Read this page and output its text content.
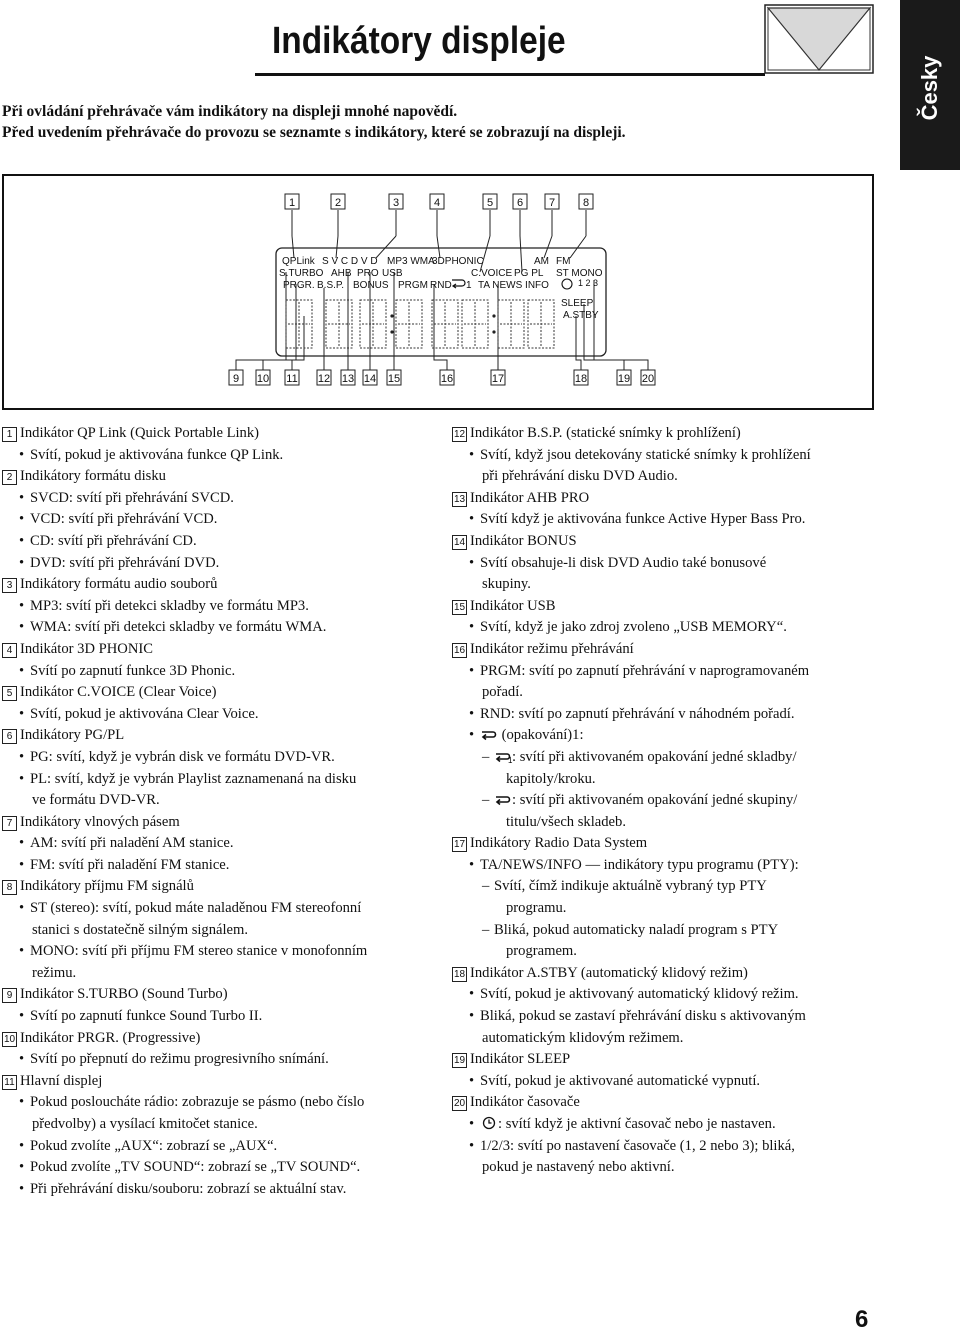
Indikátory displeje
Česky
Při ovládání přehrávače vám indikátory na displeji mnohé napovědí.
Před uvedením přehrávače do provozu se seznamte s indikátory, které se zobrazují na displeji.
1	2	3	4	5 6 7	8
9 10 11 12 13 14 15	16	17	18	19 20
QPLink S V C D V D MP3 WMA
3DPHONIC	AM FM
S.TURBO AHB PRO USB	C.VOICE PG PL ST MONO
PRGR. B.S.P. BONUS PRGM RND 1 TA NEWS INFO	1 2 3
SLEEP
A.STBY
1 Indikátor QP Link (Quick Portable Link)
• Svítí, pokud je aktivována funkce QP Link.
2 Indikátory formátu disku
• SVCD: svítí při přehrávání SVCD.
• VCD: svítí při přehrávání VCD.
• CD: svítí při přehrávání CD.
• DVD: svítí při přehrávání DVD.
3 Indikátory formátu audio souborů
• MP3: svítí při detekci skladby ve formátu MP3.
• WMA: svítí při detekci skladby ve formátu WMA.
4 Indikátor 3D PHONIC
• Svítí po zapnutí funkce 3D Phonic.
5 Indikátor C.VOICE (Clear Voice)
• Svítí, pokud je aktivována Clear Voice.
6 Indikátory PG/PL
• PG: svítí, když je vybrán disk ve formátu DVD-VR.
• PL: svítí, když je vybrán Playlist zaznamenaná na disku
ve formátu DVD-VR.
7 Indikátory vlnových pásem
• AM: svítí při naladění AM stanice.
• FM: svítí při naladění FM stanice.
8 Indikátory příjmu FM signálů
• ST (stereo): svítí, pokud máte naladěnou FM stereofonní
stanici s dostatečně silným signálem.
• MONO: svítí při příjmu FM stereo stanice v monofonním
režimu.
9 Indikátor S.TURBO (Sound Turbo)
• Svítí po zapnutí funkce Sound Turbo II.
10 Indikátor PRGR. (Progressive)
• Svítí po přepnutí do režimu progresivního snímání.
11 Hlavní displej
• Pokud posloucháte rádio: zobrazuje se pásmo (nebo číslo
předvolby) a vysílací kmitočet stanice.
• Pokud zvolíte „AUX“: zobrazí se „AUX“.
• Pokud zvolíte „TV SOUND“: zobrazí se „TV SOUND“.
• Při přehrávání disku/souboru: zobrazí se aktuální stav.
12 Indikátor B.S.P. (statické snímky k prohlížení)
• Svítí, když jsou detekovány statické snímky k prohlížení
při přehrávání disku DVD Audio.
13 Indikátor AHB PRO
• Svítí když je aktivována funkce Active Hyper Bass Pro.
14 Indikátor BONUS
• Svítí obsahuje-li disk DVD Audio také bonusové
skupiny.
15 Indikátor USB
• Svítí, když je jako zdroj zvoleno „USB MEMORY“.
16 Indikátor režimu přehrávání
• PRGM: svítí po zapnutí přehrávání v naprogramovaném
pořadí.
• RND: svítí po zapnutí přehrávání v náhodném pořadí.
• (opakování)1:
– 1 : svítí při aktivovaném opakování jedné skladby/
kapitoly/kroku.
– : svítí při aktivovaném opakování jedné skupiny/
titulu/všech skladeb.
17 Indikátory Radio Data System
• TA/NEWS/INFO — indikátory typu programu (PTY):
– Svítí, čímž indikuje aktuálně vybraný typ PTY
programu.
– Bliká, pokud automaticky naladí program s PTY
programem.
18 Indikátor A.STBY (automatický klidový režim)
• Svítí, pokud je aktivovaný automatický klidový režim.
• Bliká, pokud se zastaví přehrávání disku s aktivovaným
automatickým klidovým režimem.
19 Indikátor SLEEP
• Svítí, pokud je aktivované automatické vypnutí.
20 Indikátor časovače
• : svítí když je aktivní časovač nebo je nastaven.
• 1/2/3: svítí po nastavení časovače (1, 2 nebo 3); bliká,
pokud je nastavený nebo aktivní.
6
